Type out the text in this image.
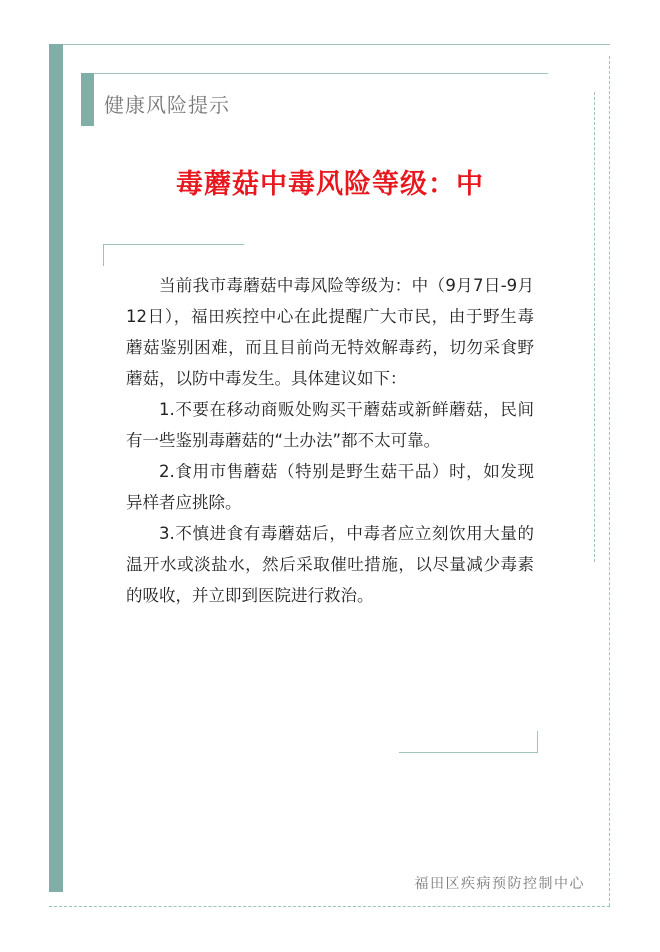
健康风险提示
毒蘑菇中毒风险等级：中

当前我市毒蘑菇中毒风险等级为：中（9月7日-9月12日），福田疾控中心在此提醒广大市民，由于野生毒蘑菇鉴别困难，而且目前尚无特效解毒药，切勿采食野蘑菇，以防中毒发生。具体建议如下：

1.不要在移动商贩处购买干蘑菇或新鲜蘑菇，民间有一些鉴别毒蘑菇的“土办法”都不太可靠。

2.食用市售蘑菇（特别是野生菇干品）时，如发现异样者应挑除。

3.不慎进食有毒蘑菇后，中毒者应立刻饮用大量的温开水或淡盐水，然后采取催吐措施，以尽量减少毒素的吸收，并立即到医院进行救治。

福田区疾病预防控制中心
